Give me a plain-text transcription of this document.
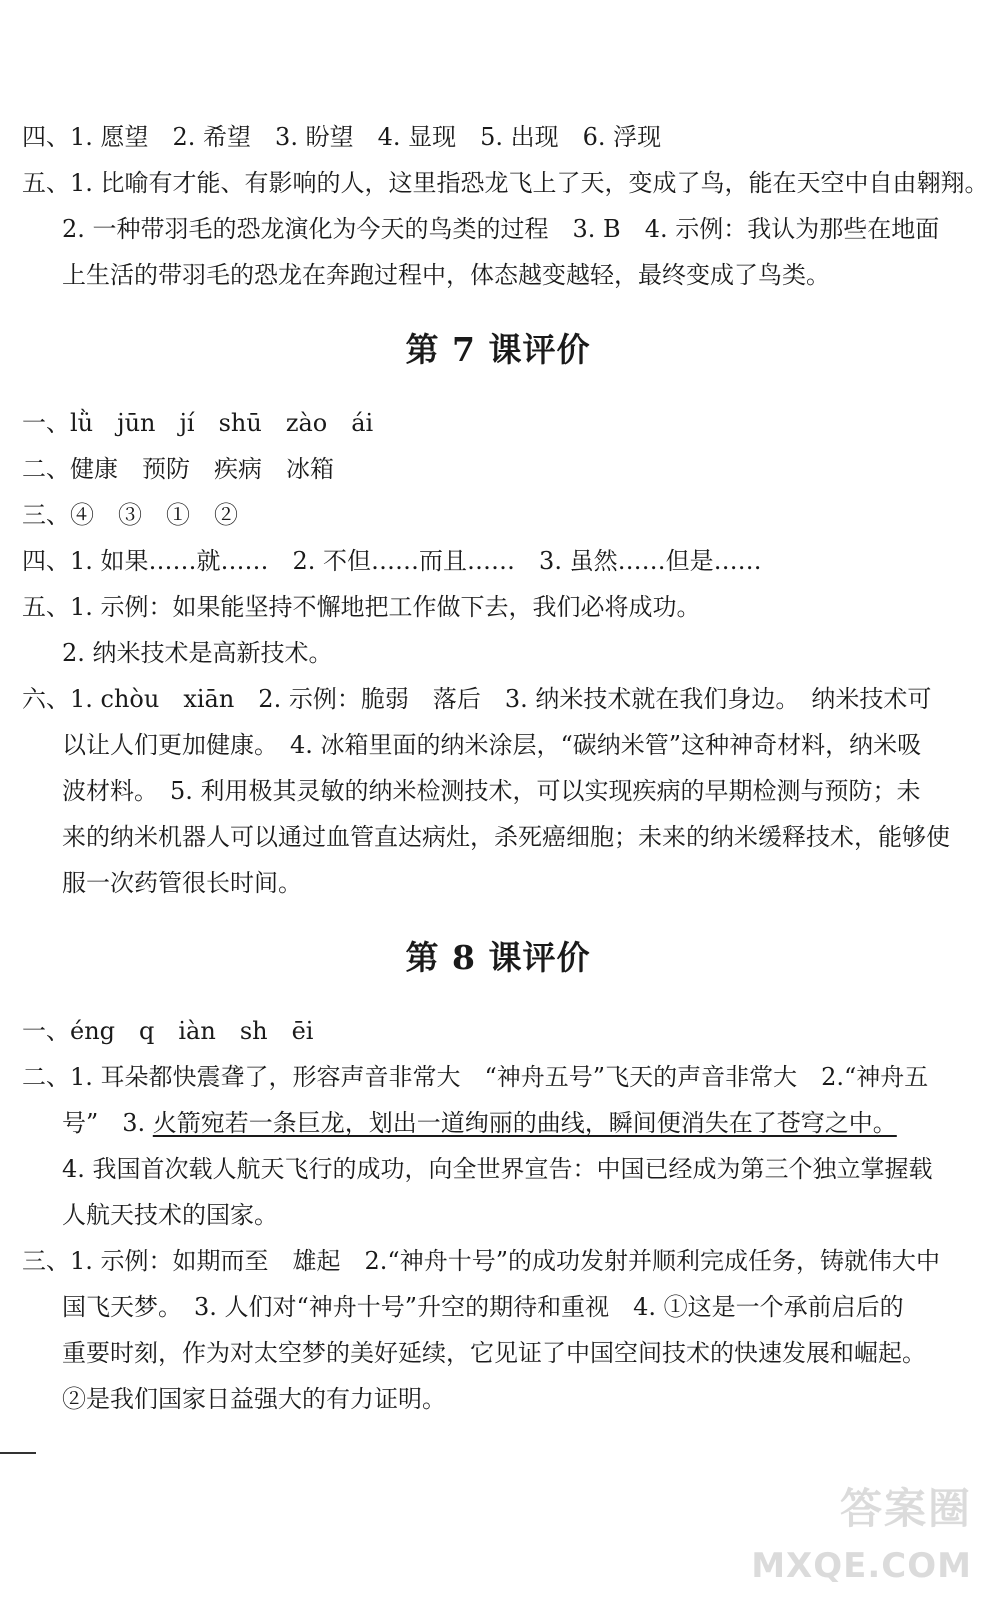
四、1. 愿望　2. 希望　3. 盼望　4. 显现　5. 出现　6. 浮现
五、1. 比喻有才能、有影响的人，这里指恐龙飞上了天，变成了鸟，能在天空中自由翱翔。
2. 一种带羽毛的恐龙演化为今天的鸟类的过程　3. B　4. 示例：我认为那些在地面
上生活的带羽毛的恐龙在奔跑过程中，体态越变越轻，最终变成了鸟类。
第 7 课评价
一、lǜ　jūn　jí　shū　zào　ái
二、健康　预防　疾病　冰箱
三、④　③　①　②
四、1. 如果……就……　2. 不但……而且……　3. 虽然……但是……
五、1. 示例：如果能坚持不懈地把工作做下去，我们必将成功。
2. 纳米技术是高新技术。
六、1. chòu　xiān　2. 示例：脆弱　落后　3. 纳米技术就在我们身边。　纳米技术可
以让人们更加健康。　4. 冰箱里面的纳米涂层，“碳纳米管”这种神奇材料，纳米吸
波材料。　5. 利用极其灵敏的纳米检测技术，可以实现疾病的早期检测与预防；未
来的纳米机器人可以通过血管直达病灶，杀死癌细胞；未来的纳米缓释技术，能够使
服一次药管很长时间。
第 8 课评价
一、éng　q　iàn　sh　ēi
二、1. 耳朵都快震聋了，形容声音非常大　“神舟五号”飞天的声音非常大　2.“神舟五
号”　3. 火箭宛若一条巨龙，划出一道绚丽的曲线，瞬间便消失在了苍穹之中。
4. 我国首次载人航天飞行的成功，向全世界宣告：中国已经成为第三个独立掌握载
人航天技术的国家。
三、1. 示例：如期而至　雄起　2.“神舟十号”的成功发射并顺利完成任务，铸就伟大中
国飞天梦。　3. 人们对“神舟十号”升空的期待和重视　4. ①这是一个承前启后的
重要时刻，作为对太空梦的美好延续，它见证了中国空间技术的快速发展和崛起。
②是我们国家日益强大的有力证明。
答案圈
MXQE.COM
